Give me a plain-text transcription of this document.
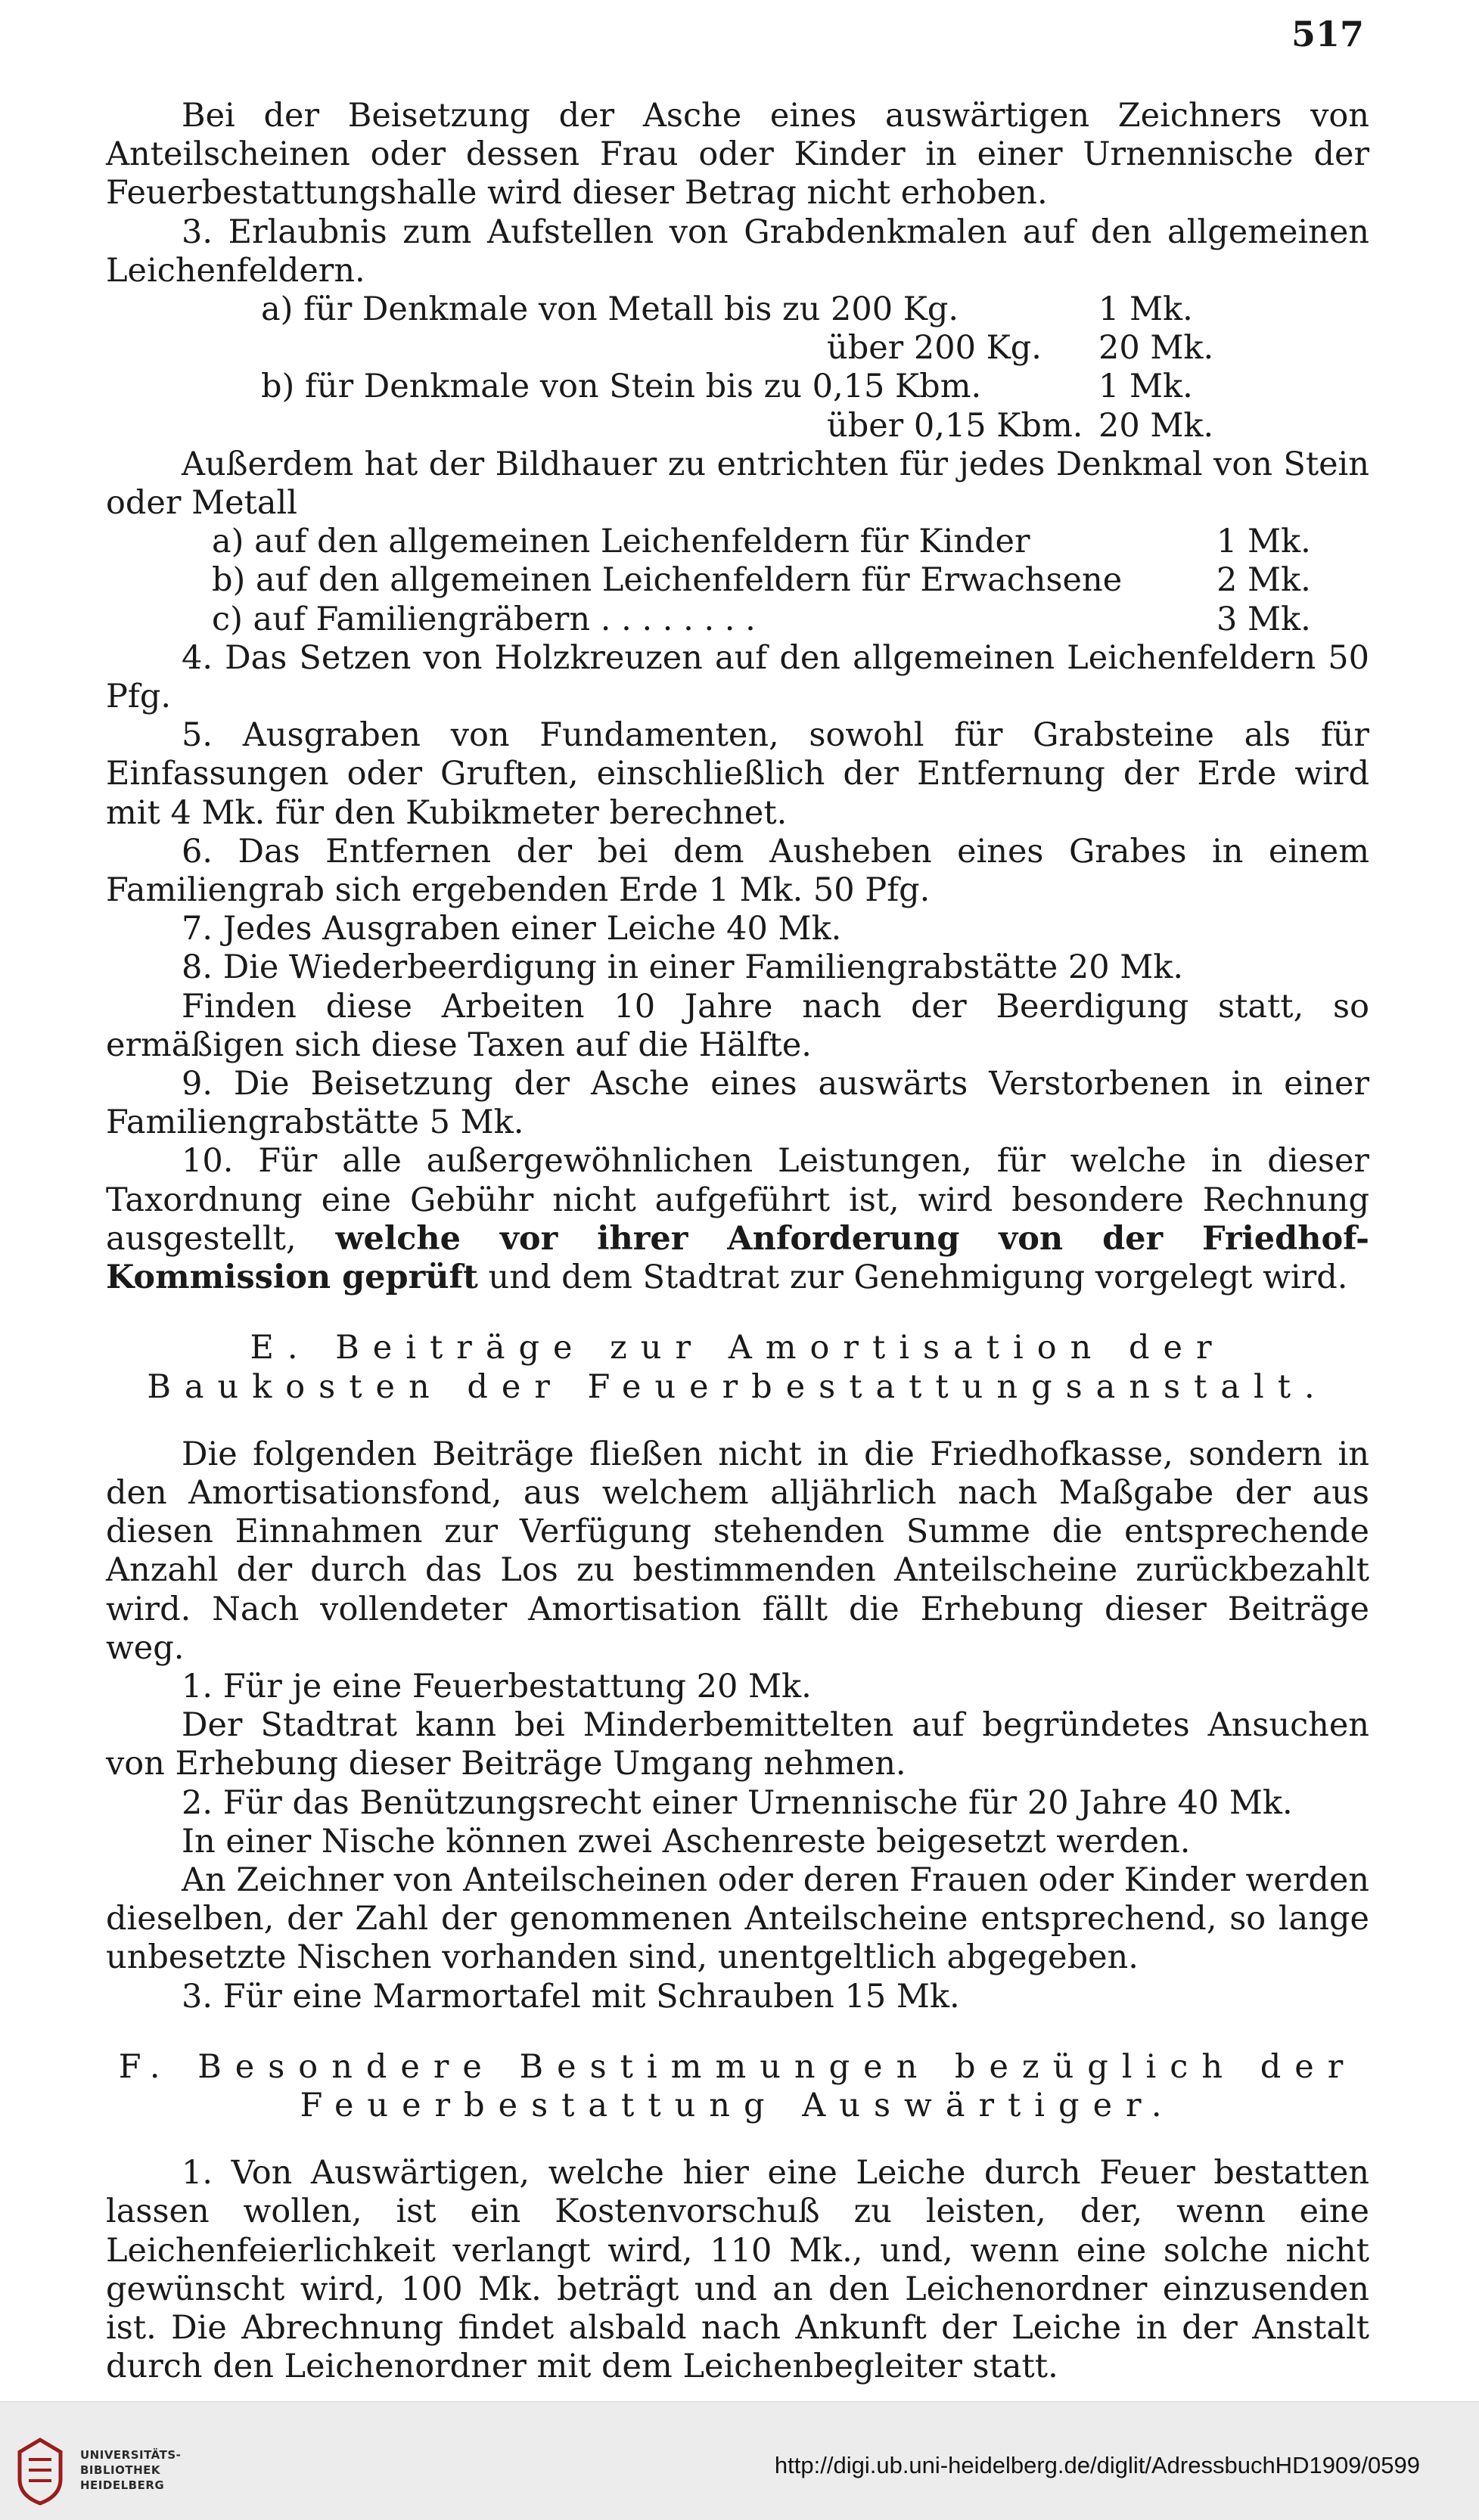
517

Bei der Beisetzung der Asche eines auswärtigen Zeichners von Anteilscheinen oder dessen Frau oder Kinder in einer Urnennische der Feuerbestattungshalle wird dieser Betrag nicht erhoben.

3. Erlaubnis zum Aufstellen von Grabdenkmalen auf den allgemeinen Leichenfeldern.

a) für Denkmale von Metall bis zu 200 Kg.	1 Mk.
über 200 Kg.	20 Mk.
b) für Denkmale von Stein bis zu 0,15 Kbm.	1 Mk.
über 0,15 Kbm. 20 Mk.

Außerdem hat der Bildhauer zu entrichten für jedes Denkmal von Stein oder Metall

a) auf den allgemeinen Leichenfeldern für Kinder	1 Mk.
b) auf den allgemeinen Leichenfeldern für Erwachsene	2 Mk.
c) auf Familiengräbern . . . . . . . .	3 Mk.

4. Das Setzen von Holzkreuzen auf den allgemeinen Leichenfeldern 50 Pfg.

5. Ausgraben von Fundamenten, sowohl für Grabsteine als für Einfassungen oder Gruften, einschließlich der Entfernung der Erde wird mit 4 Mk. für den Kubikmeter berechnet.

6. Das Entfernen der bei dem Ausheben eines Grabes in einem Familiengrab sich ergebenden Erde 1 Mk. 50 Pfg.

7. Jedes Ausgraben einer Leiche 40 Mk.

8. Die Wiederbeerdigung in einer Familiengrabstätte 20 Mk.

Finden diese Arbeiten 10 Jahre nach der Beerdigung statt, so ermäßigen sich diese Taxen auf die Hälfte.

9. Die Beisetzung der Asche eines auswärts Verstorbenen in einer Familiengrabstätte 5 Mk.

10. Für alle außergewöhnlichen Leistungen, für welche in dieser Taxordnung eine Gebühr nicht aufgeführt ist, wird besondere Rechnung ausgestellt, welche vor ihrer Anforderung von der Friedhof-Kommission geprüft und dem Stadtrat zur Genehmigung vorgelegt wird.

E. Beiträge zur Amortisation der Baukosten der Feuerbestattungsanstalt.

Die folgenden Beiträge fließen nicht in die Friedhofkasse, sondern in den Amortisationsfond, aus welchem alljährlich nach Maßgabe der aus diesen Einnahmen zur Verfügung stehenden Summe die entsprechende Anzahl der durch das Los zu bestimmenden Anteilscheine zurückbezahlt wird. Nach vollendeter Amortisation fällt die Erhebung dieser Beiträge weg.

1. Für je eine Feuerbestattung 20 Mk.

Der Stadtrat kann bei Minderbemittelten auf begründetes Ansuchen von Erhebung dieser Beiträge Umgang nehmen.

2. Für das Benützungsrecht einer Urnennische für 20 Jahre 40 Mk.

In einer Nische können zwei Aschenreste beigesetzt werden.

An Zeichner von Anteilscheinen oder deren Frauen oder Kinder werden dieselben, der Zahl der genommenen Anteilscheine entsprechend, so lange unbesetzte Nischen vorhanden sind, unentgeltlich abgegeben.

3. Für eine Marmortafel mit Schrauben 15 Mk.

F. Besondere Bestimmungen bezüglich der Feuerbestattung Auswärtiger.

1. Von Auswärtigen, welche hier eine Leiche durch Feuer bestatten lassen wollen, ist ein Kostenvorschuß zu leisten, der, wenn eine Leichenfeierlichkeit verlangt wird, 110 Mk., und, wenn eine solche nicht gewünscht wird, 100 Mk. beträgt und an den Leichenordner einzusenden ist. Die Abrechnung findet alsbald nach Ankunft der Leiche in der Anstalt durch den Leichenordner mit dem Leichenbegleiter statt.

UNIVERSITÄTS-
BIBLIOTHEK
HEIDELBERG
http://digi.ub.uni-heidelberg.de/diglit/AdressbuchHD1909/0599
